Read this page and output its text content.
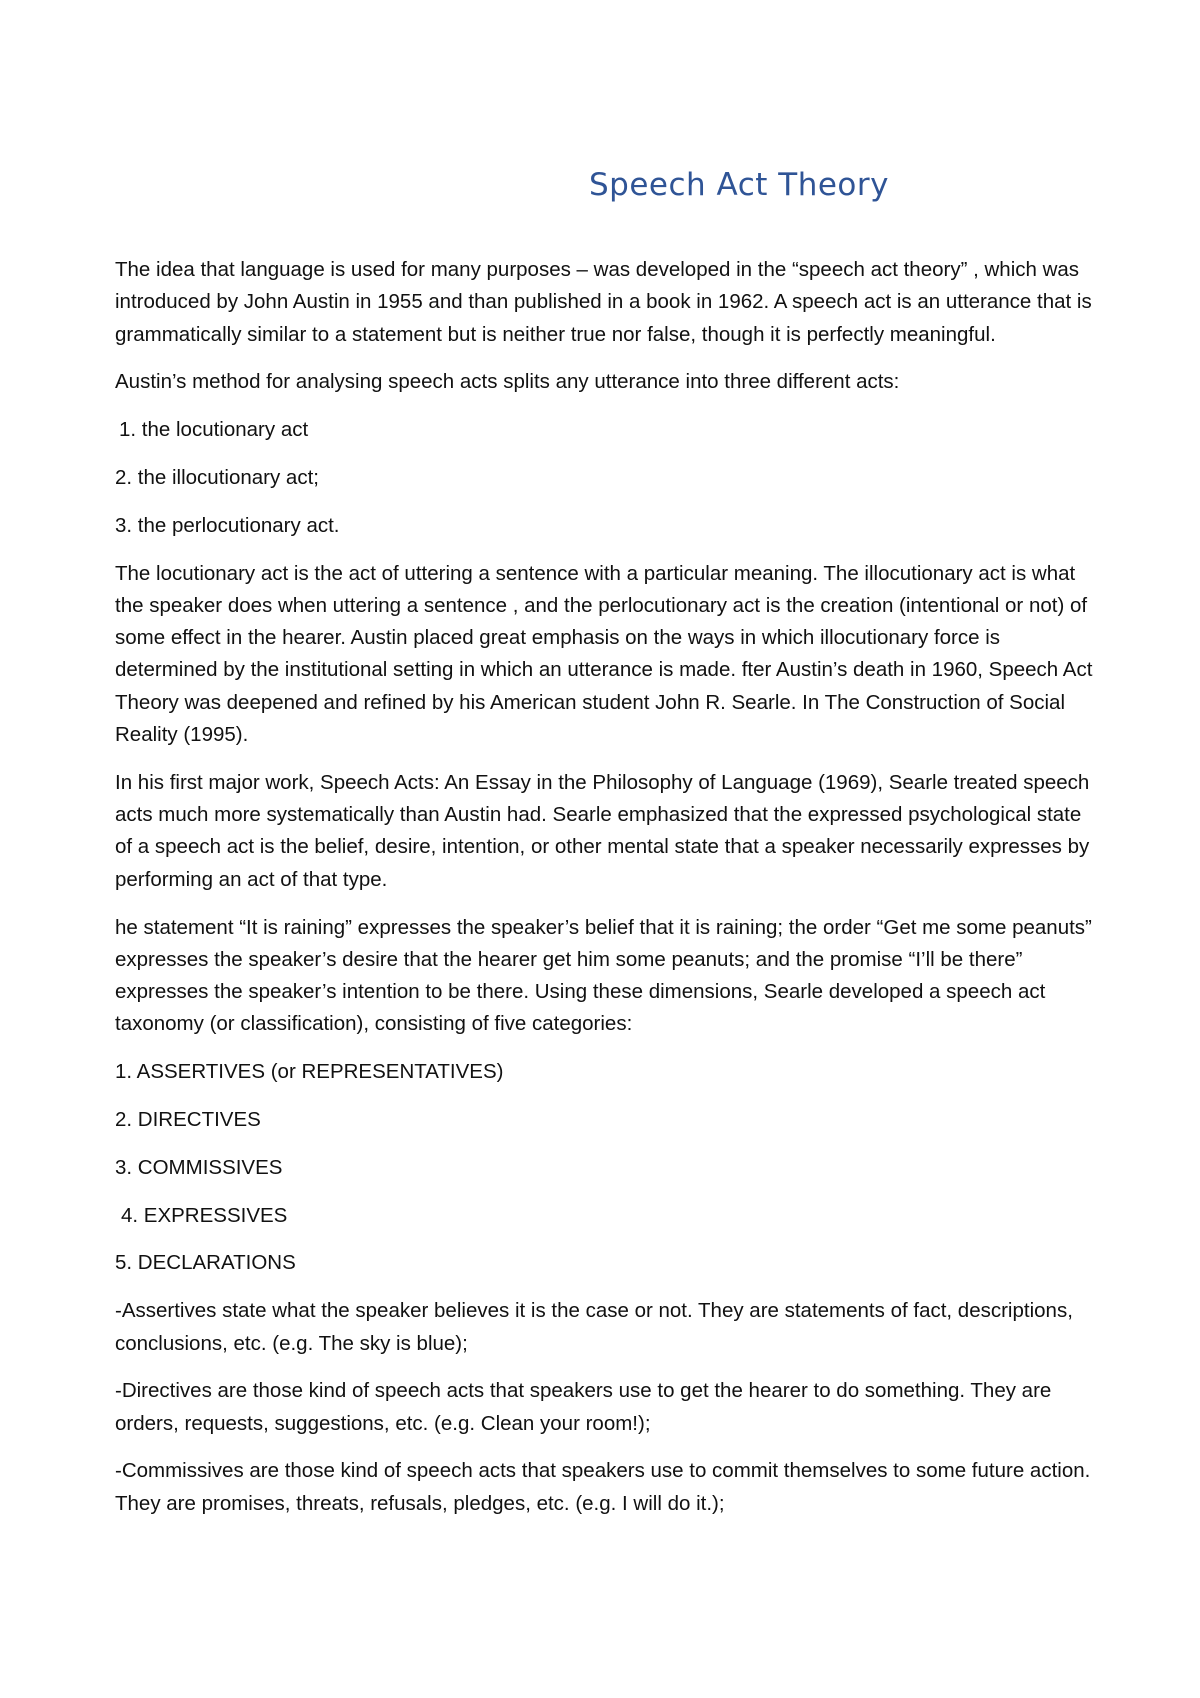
Speech Act Theory

The idea that language is used for many purposes – was developed in the “speech act theory” , which was introduced by John Austin in 1955 and than published in a book in 1962. A speech act is an utterance that is grammatically similar to a statement but is neither true nor false, though it is perfectly meaningful.

Austin’s method for analysing speech acts splits any utterance into three different acts:

1. the locutionary act

2. the illocutionary act;

3. the perlocutionary act.

The locutionary act is the act of uttering a sentence with a particular meaning. The illocutionary act is what the speaker does when uttering a sentence , and the perlocutionary act is the creation (intentional or not) of some effect in the hearer. Austin placed great emphasis on the ways in which illocutionary force is determined by the institutional setting in which an utterance is made. fter Austin’s death in 1960, Speech Act Theory was deepened and refined by his American student John R. Searle. In The Construction of Social Reality (1995).

In his first major work, Speech Acts: An Essay in the Philosophy of Language (1969), Searle treated speech acts much more systematically than Austin had. Searle emphasized that the expressed psychological state of a speech act is the belief, desire, intention, or other mental state that a speaker necessarily expresses by performing an act of that type.

he statement “It is raining” expresses the speaker’s belief that it is raining; the order “Get me some peanuts” expresses the speaker’s desire that the hearer get him some peanuts; and the promise “I’ll be there” expresses the speaker’s intention to be there. Using these dimensions, Searle developed a speech act taxonomy (or classification), consisting of five categories:

1. ASSERTIVES (or REPRESENTATIVES)

2. DIRECTIVES

3. COMMISSIVES

4. EXPRESSIVES

5. DECLARATIONS

-Assertives state what the speaker believes it is the case or not. They are statements of fact, descriptions, conclusions, etc. (e.g. The sky is blue);

-Directives are those kind of speech acts that speakers use to get the hearer to do something. They are orders, requests, suggestions, etc. (e.g. Clean your room!);

-Commissives are those kind of speech acts that speakers use to commit themselves to some future action. They are promises, threats, refusals, pledges, etc. (e.g. I will do it.);
